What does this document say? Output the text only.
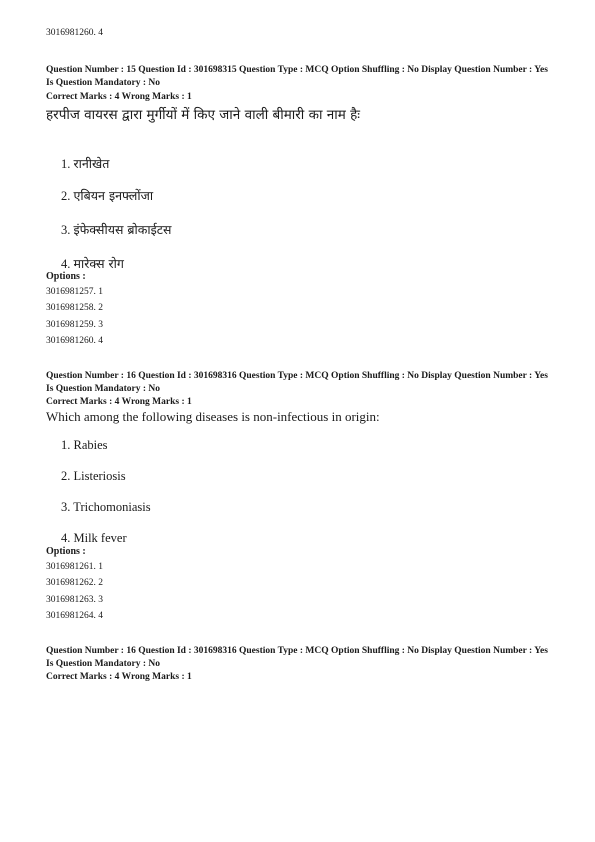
3016981260. 4
Question Number : 15 Question Id : 301698315 Question Type : MCQ Option Shuffling : No Display Question Number : Yes Is Question Mandatory : No
Correct Marks : 4 Wrong Marks : 1
हरपीज वायरस द्वारा मुर्गीयों में किए जाने वाली बीमारी का नाम हैः
1. रानीखेत
2. एबियन इनफ्लोंजा
3. इंफेक्सीयस ब्रोकाईटस
4. मारेक्स रोग
Options :
3016981257. 1
3016981258. 2
3016981259. 3
3016981260. 4
Question Number : 16 Question Id : 301698316 Question Type : MCQ Option Shuffling : No Display Question Number : Yes Is Question Mandatory : No
Correct Marks : 4 Wrong Marks : 1
Which among the following diseases is non-infectious in origin:
1. Rabies
2. Listeriosis
3. Trichomoniasis
4. Milk fever
Options :
3016981261. 1
3016981262. 2
3016981263. 3
3016981264. 4
Question Number : 16 Question Id : 301698316 Question Type : MCQ Option Shuffling : No Display Question Number : Yes Is Question Mandatory : No
Correct Marks : 4 Wrong Marks : 1
